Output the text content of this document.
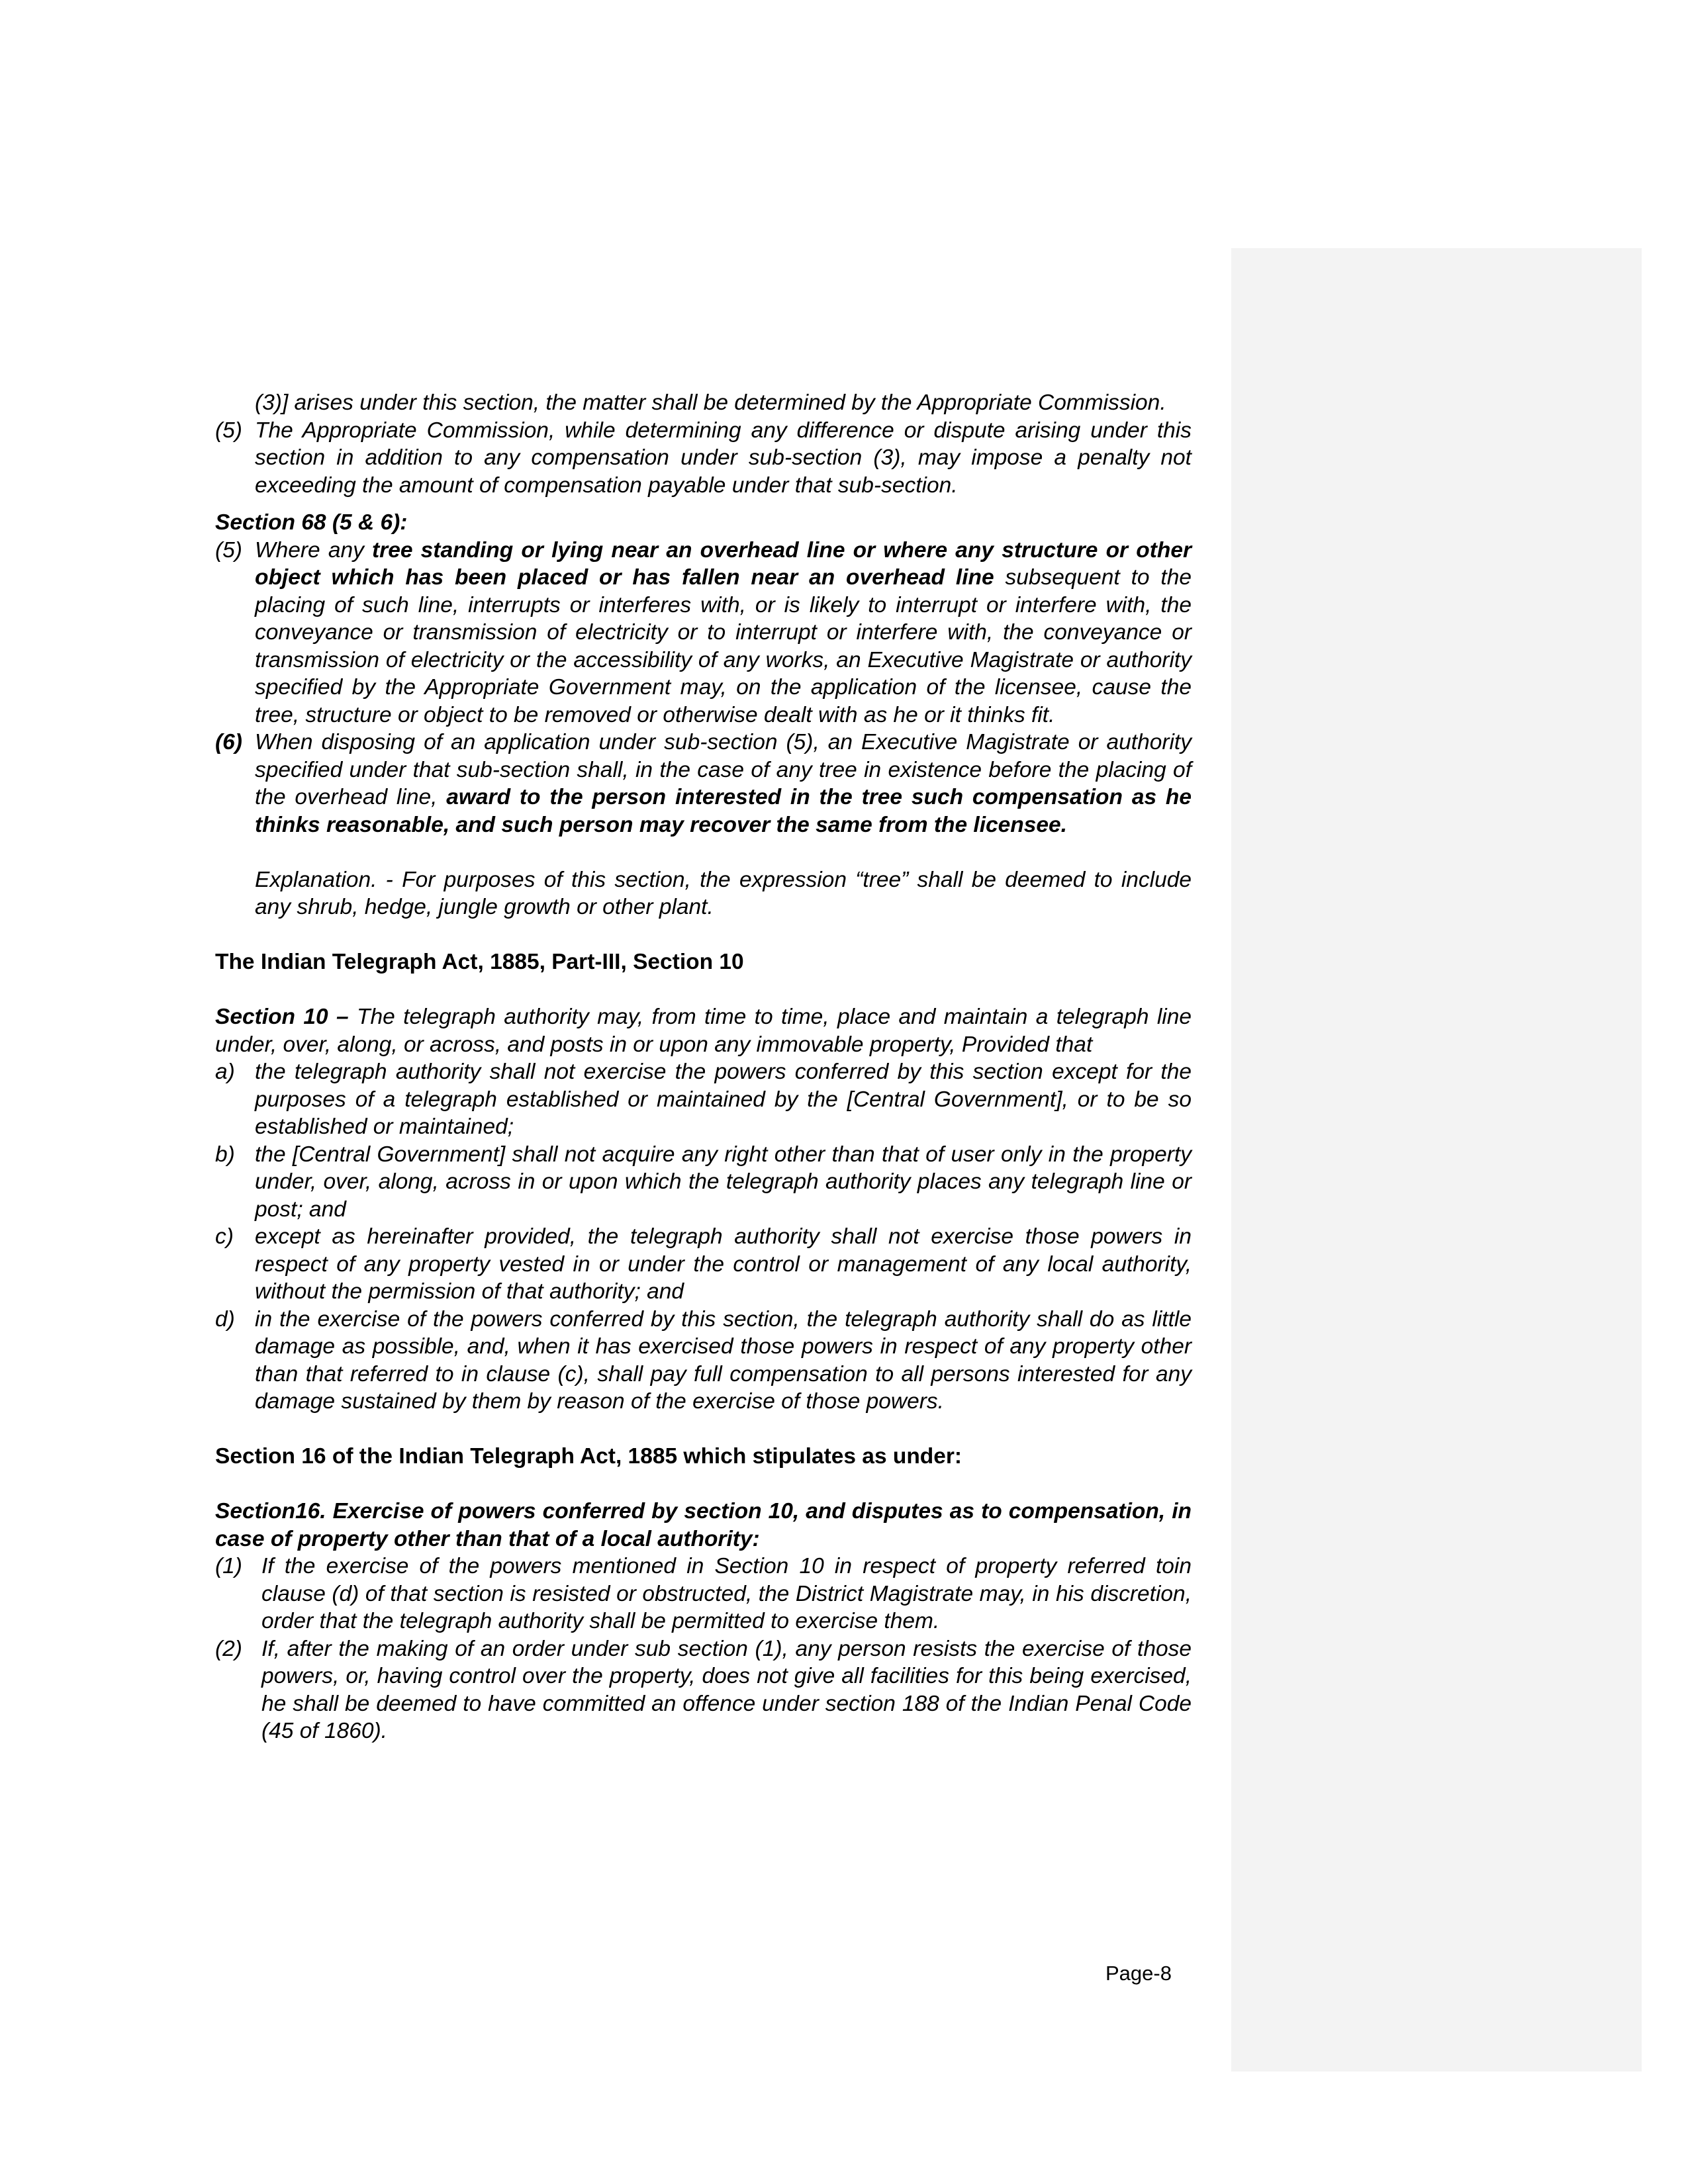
(3)] arises under this section, the matter shall be determined by the Appropriate Commission.
(5) The Appropriate Commission, while determining any difference or dispute arising under this section in addition to any compensation under sub-section (3), may impose a penalty not exceeding the amount of compensation payable under that sub-section.
Section 68 (5 & 6):
(5) Where any tree standing or lying near an overhead line or where any structure or other object which has been placed or has fallen near an overhead line subsequent to the placing of such line, interrupts or interferes with, or is likely to interrupt or interfere with, the conveyance or transmission of electricity or to interrupt or interfere with, the conveyance or transmission of electricity or the accessibility of any works, an Executive Magistrate or authority specified by the Appropriate Government may, on the application of the licensee, cause the tree, structure or object to be removed or otherwise dealt with as he or it thinks fit.
(6) When disposing of an application under sub-section (5), an Executive Magistrate or authority specified under that sub-section shall, in the case of any tree in existence before the placing of the overhead line, award to the person interested in the tree such compensation as he thinks reasonable, and such person may recover the same from the licensee.
Explanation. - For purposes of this section, the expression “tree” shall be deemed to include any shrub, hedge, jungle growth or other plant.
The Indian Telegraph Act, 1885, Part-III, Section 10
Section 10 – The telegraph authority may, from time to time, place and maintain a telegraph line under, over, along, or across, and posts in or upon any immovable property, Provided that
a) the telegraph authority shall not exercise the powers conferred by this section except for the purposes of a telegraph established or maintained by the [Central Government], or to be so established or maintained;
b) the [Central Government] shall not acquire any right other than that of user only in the property under, over, along, across in or upon which the telegraph authority places any telegraph line or post; and
c) except as hereinafter provided, the telegraph authority shall not exercise those powers in respect of any property vested in or under the control or management of any local authority, without the permission of that authority; and
d) in the exercise of the powers conferred by this section, the telegraph authority shall do as little damage as possible, and, when it has exercised those powers in respect of any property other than that referred to in clause (c), shall pay full compensation to all persons interested for any damage sustained by them by reason of the exercise of those powers.
Section 16 of the Indian Telegraph Act, 1885 which stipulates as under:
Section16. Exercise of powers conferred by section 10, and disputes as to compensation, in case of property other than that of a local authority:
(1) If the exercise of the powers mentioned in Section 10 in respect of property referred toin clause (d) of that section is resisted or obstructed, the District Magistrate may, in his discretion, order that the telegraph authority shall be permitted to exercise them.
(2) If, after the making of an order under sub section (1), any person resists the exercise of those powers, or, having control over the property, does not give all facilities for this being exercised, he shall be deemed to have committed an offence under section 188 of the Indian Penal Code (45 of 1860).
Page-8
